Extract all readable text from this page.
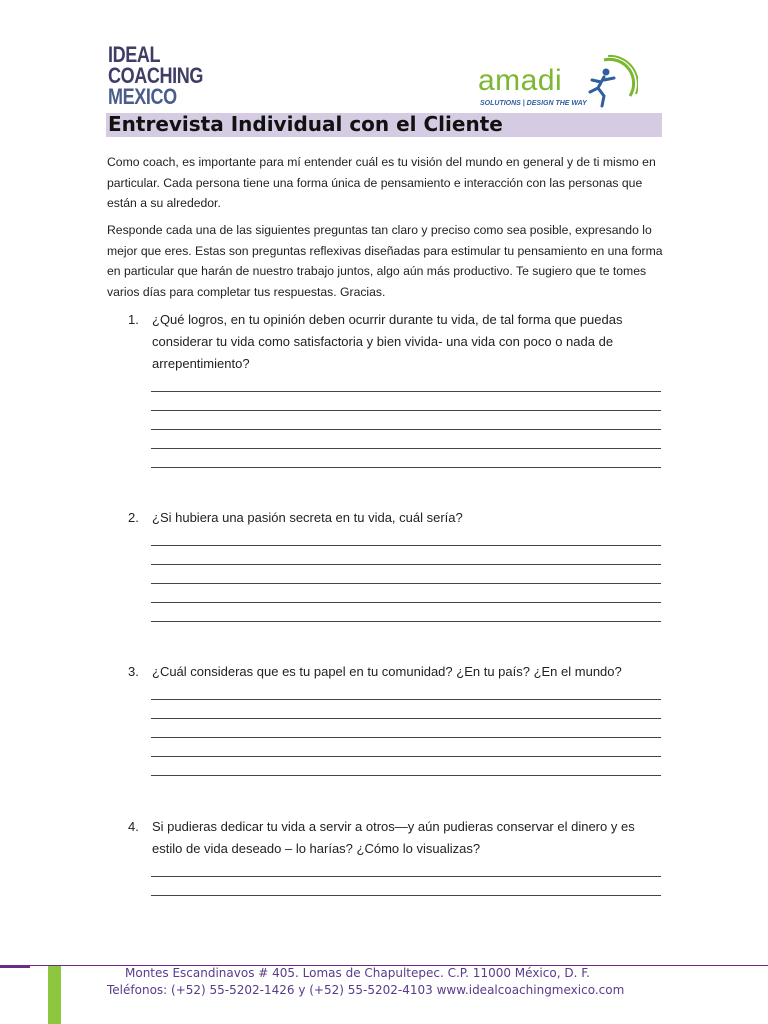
IDEAL
COACHING
MEXICO	amadi
SOLUTIONS | DESIGN THE WAY
Entrevista Individual con el Cliente
Como coach, es importante para mí entender cuál es tu visión del mundo en general y de ti mismo en particular. Cada persona tiene una forma única de pensamiento e interacción con las personas que están a su alrededor.
Responde cada una de las siguientes preguntas tan claro y preciso como sea posible, expresando lo mejor que eres. Estas son preguntas reflexivas diseñadas para estimular tu pensamiento en una forma en particular que harán de nuestro trabajo juntos, algo aún más productivo. Te sugiero que te tomes varios días para completar tus respuestas. Gracias.
1. ¿Qué logros, en tu opinión deben ocurrir durante tu vida, de tal forma que puedas considerar tu vida como satisfactoria y bien vivida- una vida con poco o nada de arrepentimiento?
2. ¿Si hubiera una pasión secreta en tu vida, cuál sería?
3. ¿Cuál consideras que es tu papel en tu comunidad? ¿En tu país? ¿En el mundo?
4. Si pudieras dedicar tu vida a servir a otros—y aún pudieras conservar el dinero y es estilo de vida deseado – lo harías? ¿Cómo lo visualizas?
Montes Escandinavos # 405. Lomas de Chapultepec. C.P. 11000 México, D. F.
Teléfonos: (+52) 55-5202-1426 y (+52) 55-5202-4103 www.idealcoachingmexico.com
